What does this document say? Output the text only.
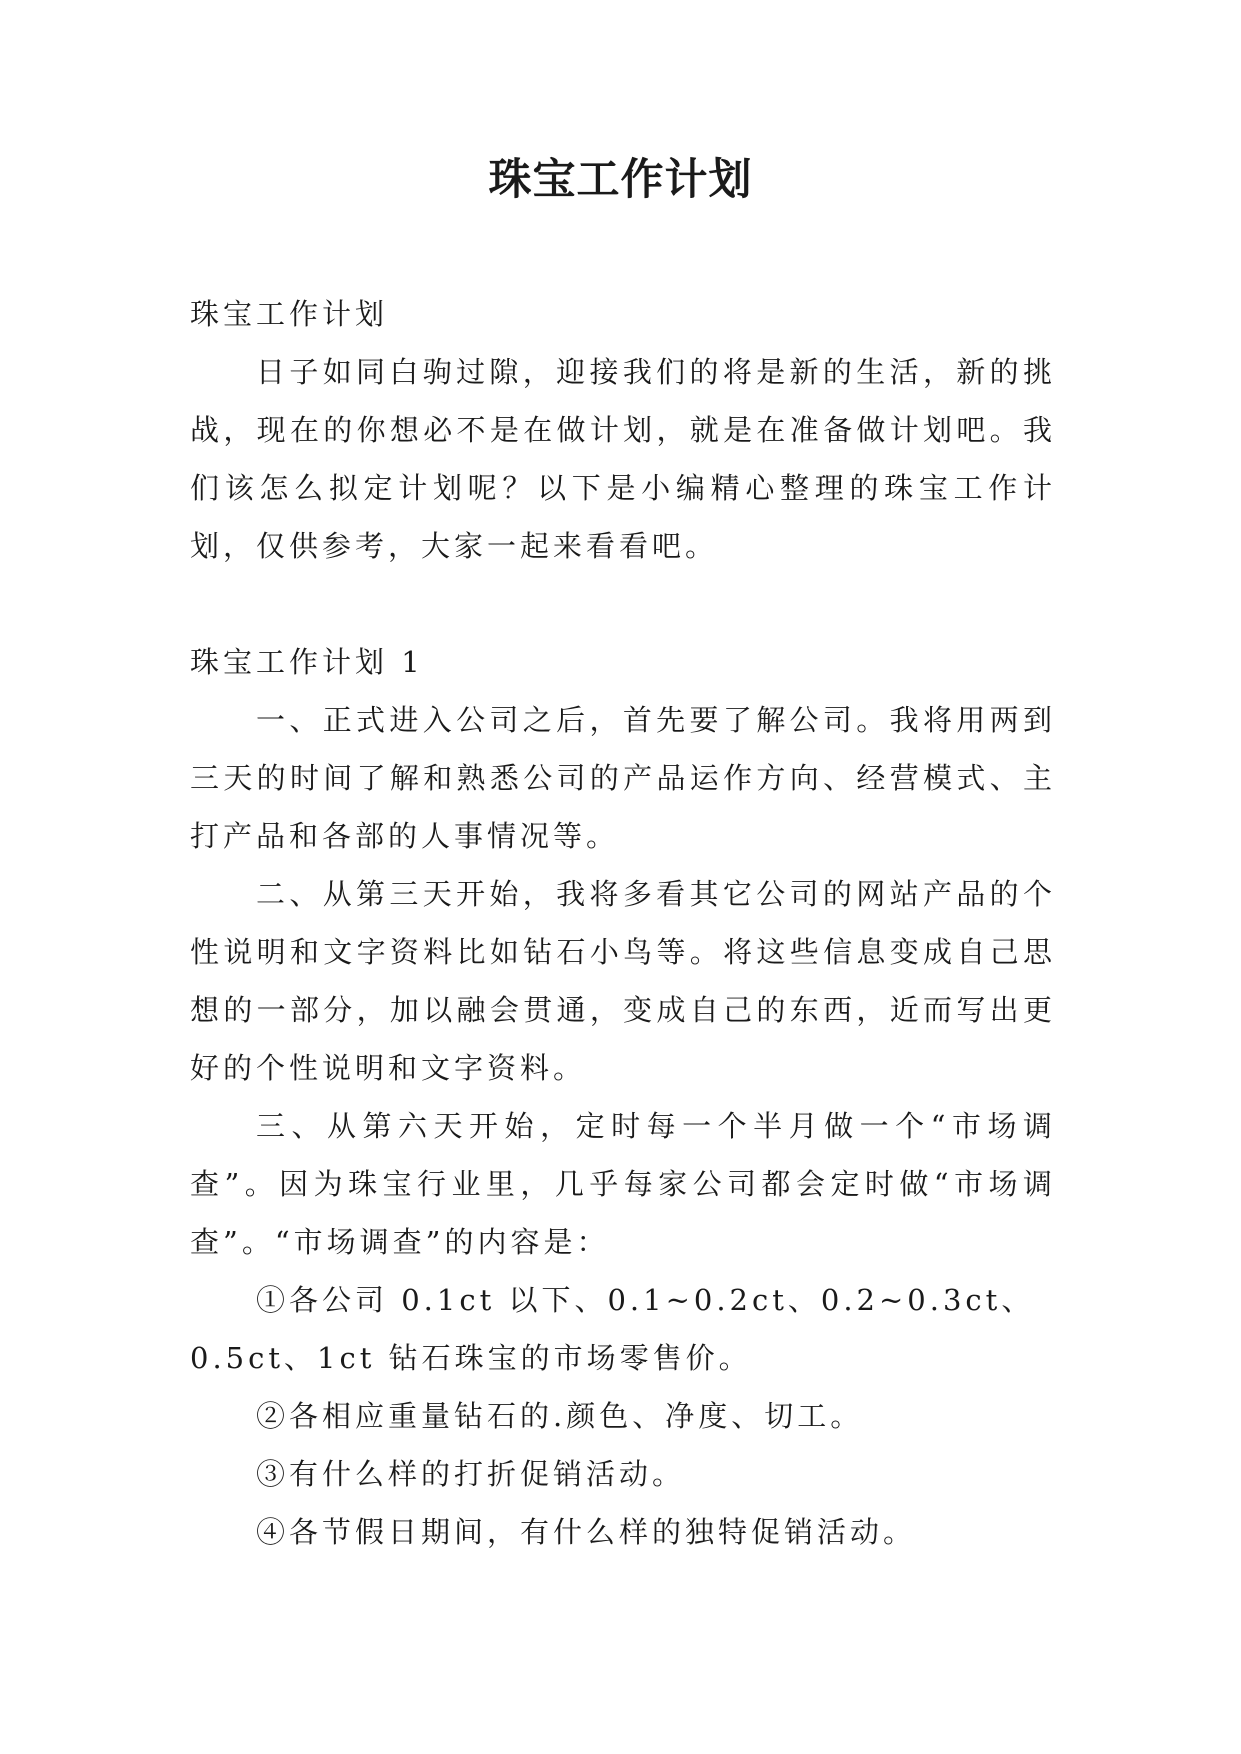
珠宝工作计划

珠宝工作计划

日子如同白驹过隙，迎接我们的将是新的生活，新的挑战，现在的你想必不是在做计划，就是在准备做计划吧。我们该怎么拟定计划呢？以下是小编精心整理的珠宝工作计划，仅供参考，大家一起来看看吧。

珠宝工作计划 1

一、正式进入公司之后，首先要了解公司。我将用两到三天的时间了解和熟悉公司的产品运作方向、经营模式、主打产品和各部的人事情况等。

二、从第三天开始，我将多看其它公司的网站产品的个性说明和文字资料比如钻石小鸟等。将这些信息变成自己思想的一部分，加以融会贯通，变成自己的东西，近而写出更好的个性说明和文字资料。

三、从第六天开始，定时每一个半月做一个“市场调查”。因为珠宝行业里，几乎每家公司都会定时做“市场调查”。“市场调查”的内容是：

①各公司 0.1ct 以下、0.1~0.2ct、0.2~0.3ct、0.5ct、1ct 钻石珠宝的市场零售价。

②各相应重量钻石的.颜色、净度、切工。

③有什么样的打折促销活动。

④各节假日期间，有什么样的独特促销活动。
